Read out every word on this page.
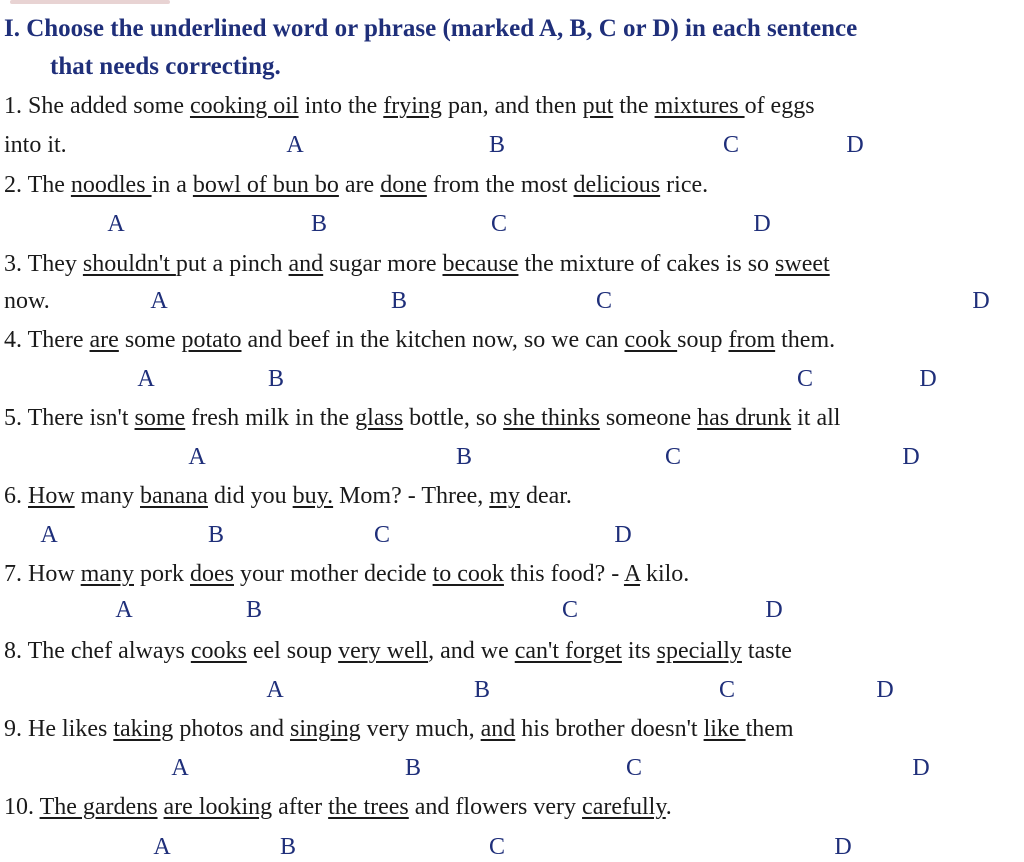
I. Choose the underlined word or phrase (marked A, B, C or D) in each sentence
that needs correcting.
1. She added some cooking oil into the frying pan, and then put the mixtures of eggs
into it.	A	B	C	D
2. The noodles in a bowl of bun bo are done from the most delicious rice.
A	B	C	D
3. They shouldn't put a pinch and sugar more because the mixture of cakes is so sweet
now.	A	B	C	D
4. There are some potato and beef in the kitchen now, so we can cook soup from them.
A	B	C	D
5. There isn't some fresh milk in the glass bottle, so she thinks someone has drunk it all
A	B	C	D
6. How many banana did you buy. Mom? - Three, my dear.
A	B	C	D
7. How many pork does your mother decide to cook this food? - A kilo.
A	B	C	D
8. The chef always cooks eel soup very well, and we can't forget its specially taste
A	B	C	D
9. He likes taking photos and singing very much, and his brother doesn't like them
A	B	C	D
10. The gardens are looking after the trees and flowers very carefully.
A	B	C	D
